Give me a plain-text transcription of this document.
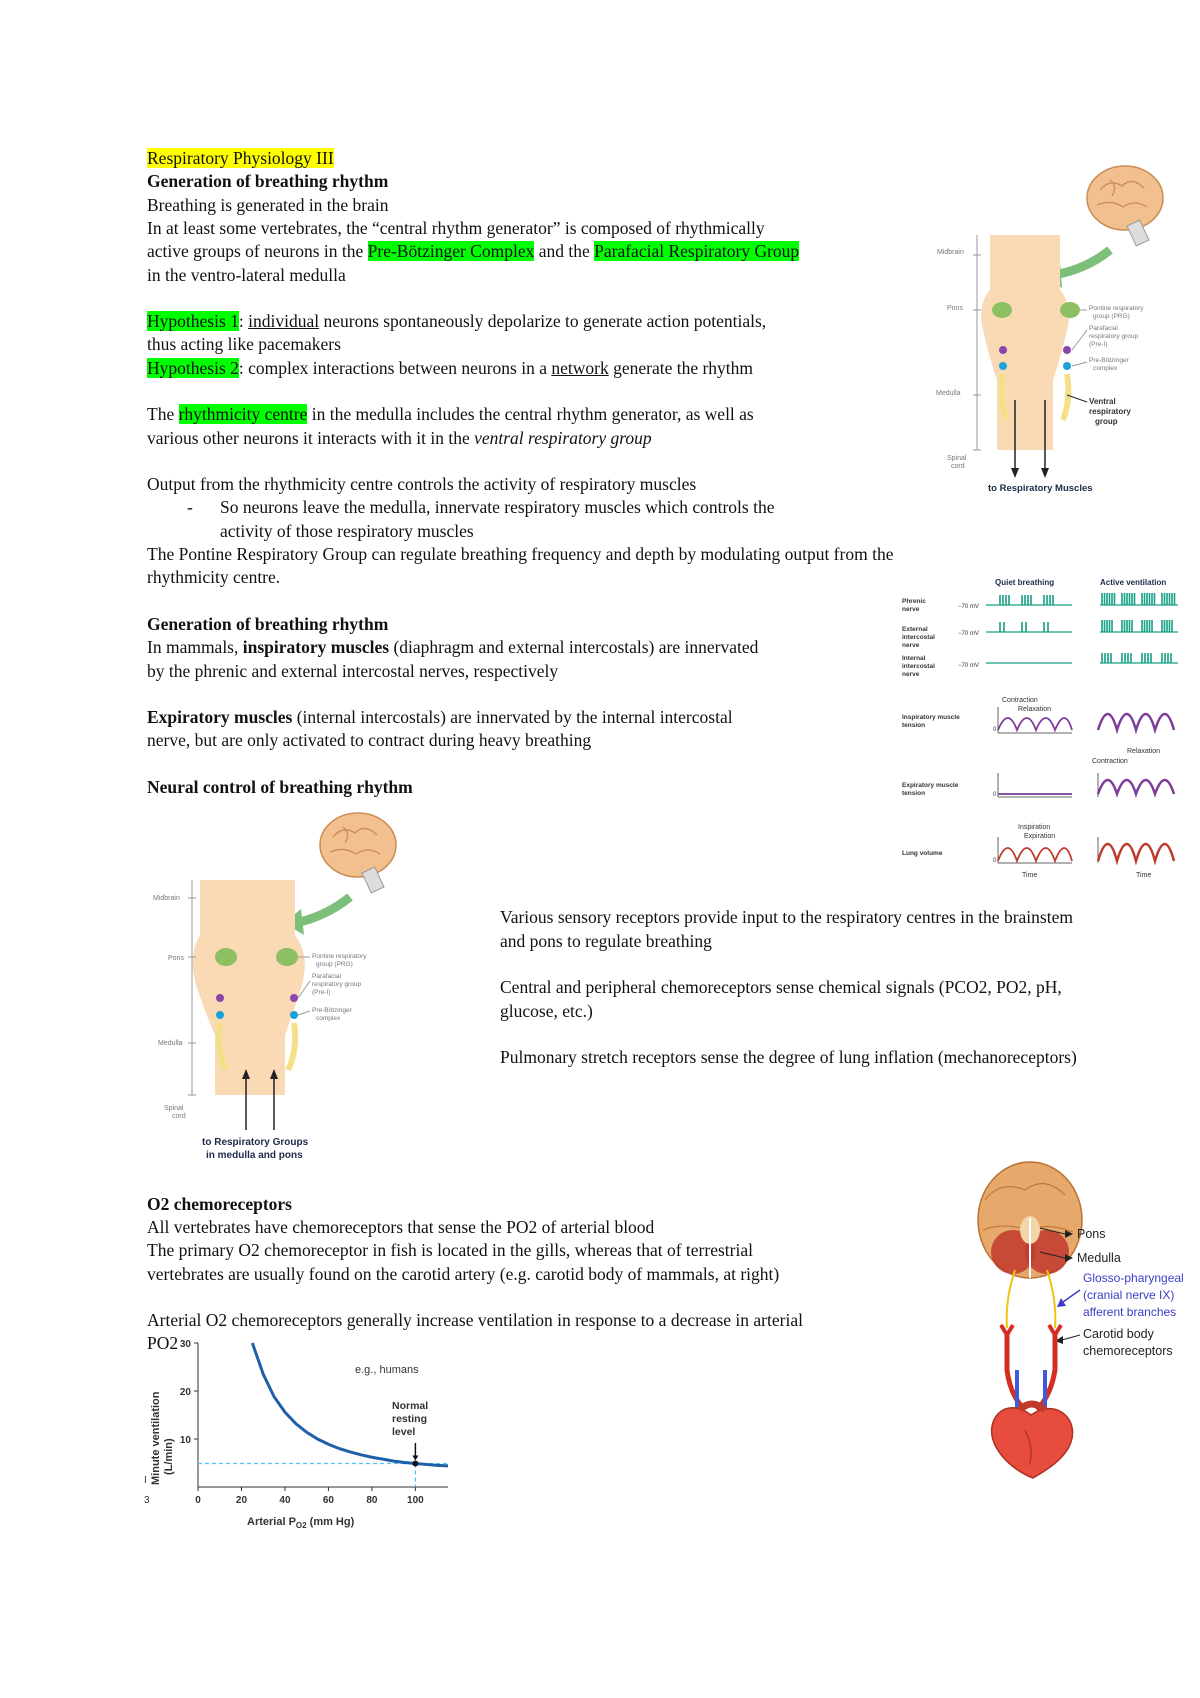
Respiratory Physiology III
Generation of breathing rhythm
Breathing is generated in the brain
In at least some vertebrates, the “central rhythm generator” is composed of rhythmically
active groups of neurons in the Pre-Bötzinger Complex and the Parafacial Respiratory Group
in the ventro-lateral medulla
Hypothesis 1: individual neurons spontaneously depolarize to generate action potentials,
thus acting like pacemakers
Hypothesis 2: complex interactions between neurons in a network generate the rhythm
The rhythmicity centre in the medulla includes the central rhythm generator, as well as
various other neurons it interacts with it in the ventral respiratory group
Output from the rhythmicity centre controls the activity of respiratory muscles
- So neurons leave the medulla, innervate respiratory muscles which controls the
activity of those respiratory muscles
The Pontine Respiratory Group can regulate breathing frequency and depth by modulating output from the
rhythmicity centre.
Generation of breathing rhythm
In mammals, inspiratory muscles (diaphragm and external intercostals) are innervated
by the phrenic and external intercostal nerves, respectively
Expiratory muscles (internal intercostals) are innervated by the internal intercostal
nerve, but are only activated to contract during heavy breathing
Neural control of breathing rhythm
Various sensory receptors provide input to the respiratory centres in the brainstem
and pons to regulate breathing
Central and peripheral chemoreceptors sense chemical signals (PCO2, PO2, pH,
glucose, etc.)
Pulmonary stretch receptors sense the degree of lung inflation (mechanoreceptors)
O2 chemoreceptors
All vertebrates have chemoreceptors that sense the PO2 of arterial blood
The primary O2 chemoreceptor in fish is located in the gills, whereas that of terrestrial
vertebrates are usually found on the carotid artery (e.g. carotid body of mammals, at right)
Arterial O2 chemoreceptors generally increase ventilation in response to a decrease in arterial
PO2
Midbrain
Pons
Medulla
Spinal
cord
Pontine respiratory
group (PRG)
Parafacial
respiratory group
(Pre-I)
Pre-Bötzinger
complex
Ventral
respiratory
group
to Respiratory Muscles
Quiet breathing	Active ventilation
Phrenic
nerve
External
intercostal
nerve
Internal
intercostal
nerve
−70 mV
−70 mV
−70 mV
Inspiratory muscle
tension
Expiratory muscle
tension
Lung volume
Contraction
Relaxation
Relaxation
Contraction
Inspiration
Expiration
Time	Time
0
0
0
Midbrain
Pons
Medulla
Spinal
cord
Pontine respiratory
group (PRG)
Parafacial
respiratory group
(Pre-I)
Pre-Bötzinger
complex
to Respiratory Groups
in medulla and pons
Pons
Medulla
Glosso-pharyngeal
(cranial nerve IX)
afferent branches
Carotid body
chemoreceptors
0	20	40	60	80	100
10
20
30
e.g., humans
Normal
resting
level
Arterial $P_{O2}$ (mm Hg)
Minute ventilation (L/min)
I
3
